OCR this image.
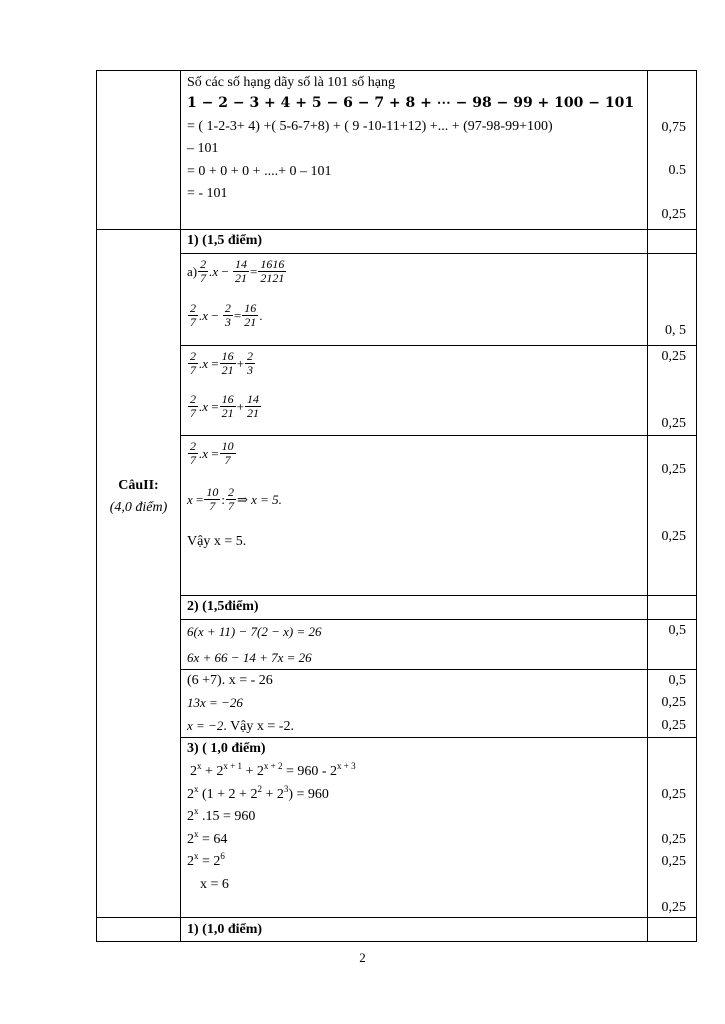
Số các số hạng dãy số là 101 số hạng
1 − 2 − 3 + 4 + 5 − 6 − 7 + 8 + ⋯ − 98 − 99 + 100 − 101
= ( 1-2-3+ 4) +( 5-6-7+8) + ( 9 -10-11+12) +... + (97-98-99+100)
– 101
= 0 + 0 + 0 + ....+ 0 – 101
= - 101
0,75
0.5
0,25
CâuII:
(4,0 điểm)
1) (1,5 điểm)
a) 2
7 .x
−
$\frac{14}{21} = \frac{1616}{2121}$
2
7 .x
−
$\frac{2}{3} = \frac{16}{21}$ .
0, 5
2
7 .x
= $\frac{16}{21} + \frac{2}{3}$
2
7 .x
= $\frac{16}{21} + \frac{14}{21}$
0,25
0,25
2
7 .x
= $\frac{10}{7}$
x
= $\frac{10}{7}$ : 2
7 ⇒ x = 5.
Vậy x = 5.
0,25
0,25
2) (1,5điểm)
6(x + 11) − 7(2 − x) = 26
6x + 66 − 14 + 7x = 26
0,5
(6 +7). x = - 26
13x = −26
x = −2. Vậy x = -2.
0,5
0,25
0,25
3) ( 1,0 điểm)
$2^x + 2^{x + 1} + 2^{x + 2} = 960 - 2^{x + 3}$
2$^x$ $(1 + 2 + 2^2 + 2^3) = 960$
2$^x$ .15 = 960
$2^x = 64$
$2^x = 2^6$
x = 6
0,25
0,25
0,25
0,25
1) (1,0 điểm)
2
